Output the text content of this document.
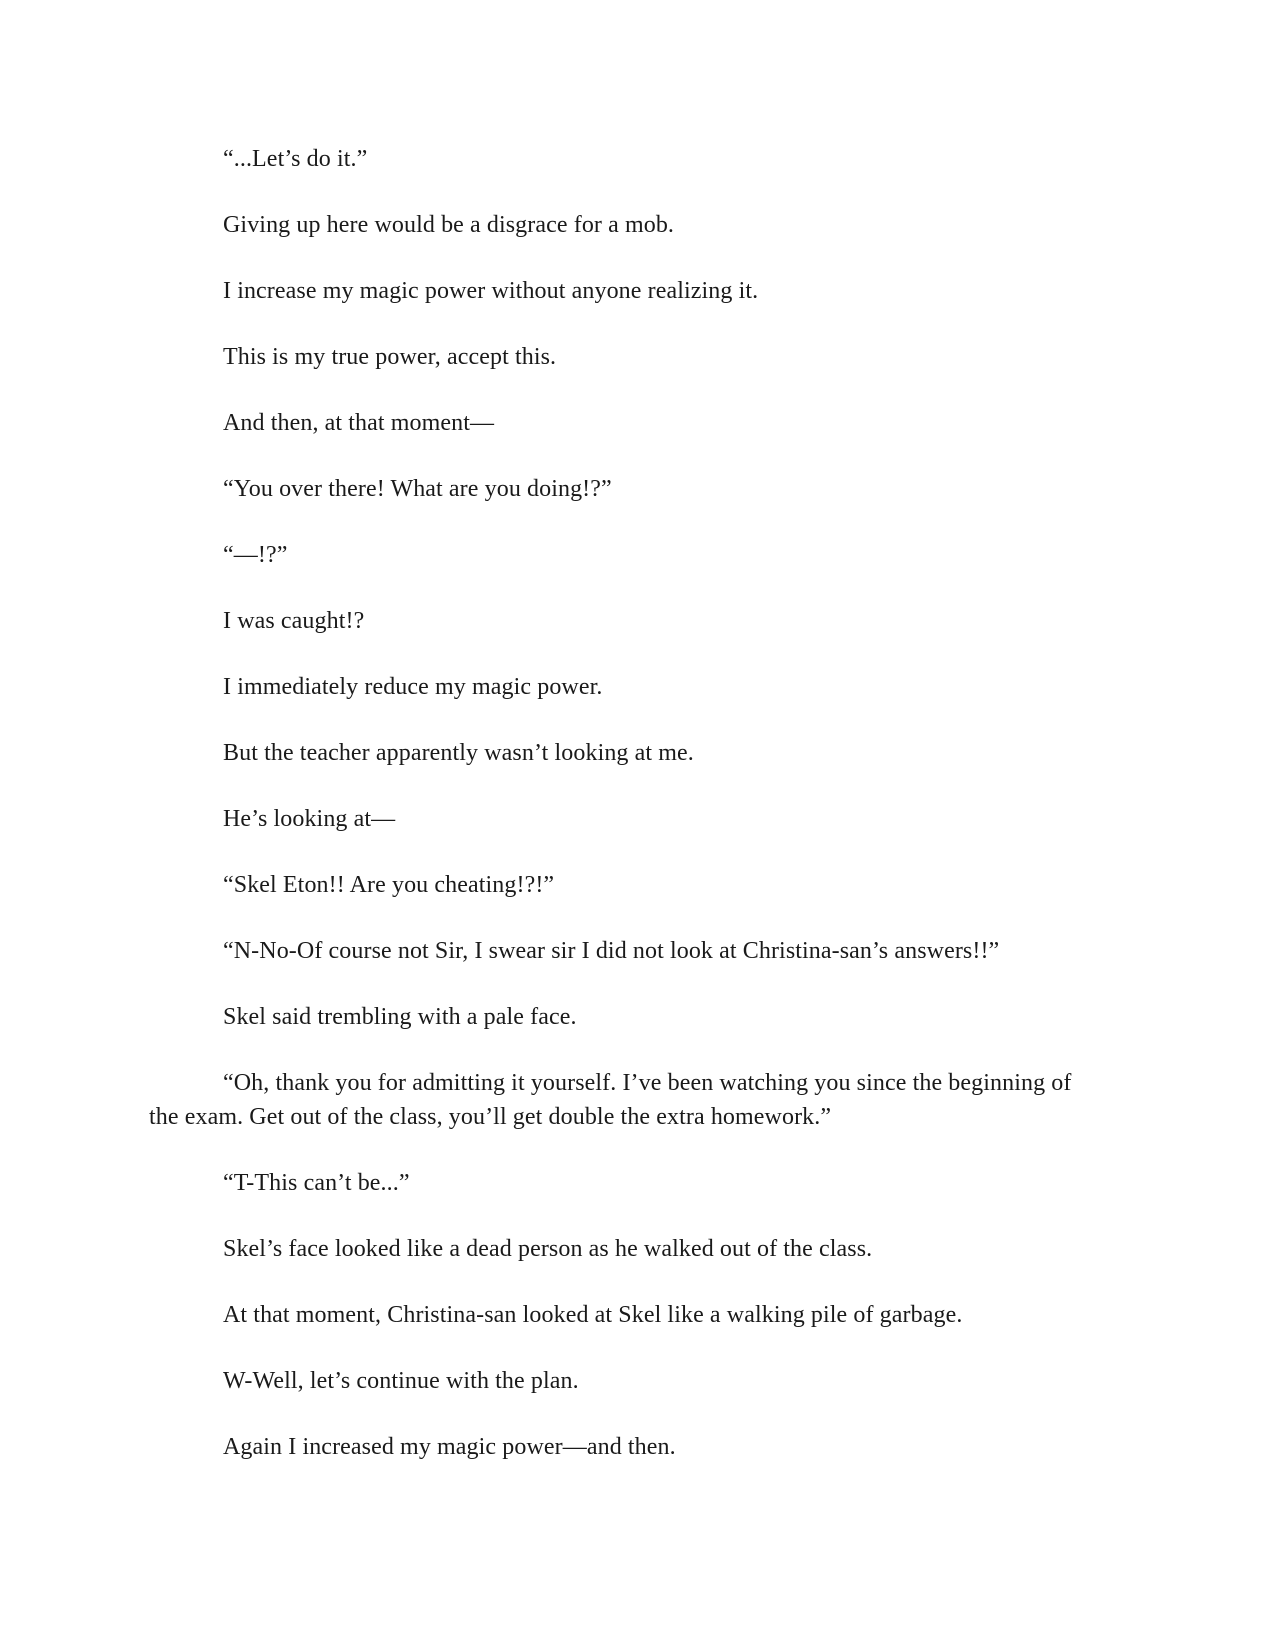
“...Let’s do it.”

Giving up here would be a disgrace for a mob.

I increase my magic power without anyone realizing it.

This is my true power, accept this.

And then, at that moment—

“You over there! What are you doing!?”

“—!?”

I was caught!?

I immediately reduce my magic power.

But the teacher apparently wasn’t looking at me.

He’s looking at—

“Skel Eton!! Are you cheating!?!”

“N-No-Of course not Sir, I swear sir I did not look at Christina-san’s answers!!”

Skel said trembling with a pale face.

“Oh, thank you for admitting it yourself. I’ve been watching you since the beginning of the exam. Get out of the class, you’ll get double the extra homework.”

“T-This can’t be...”

Skel’s face looked like a dead person as he walked out of the class.

At that moment, Christina-san looked at Skel like a walking pile of garbage.

W-Well, let’s continue with the plan.

Again I increased my magic power—and then.
